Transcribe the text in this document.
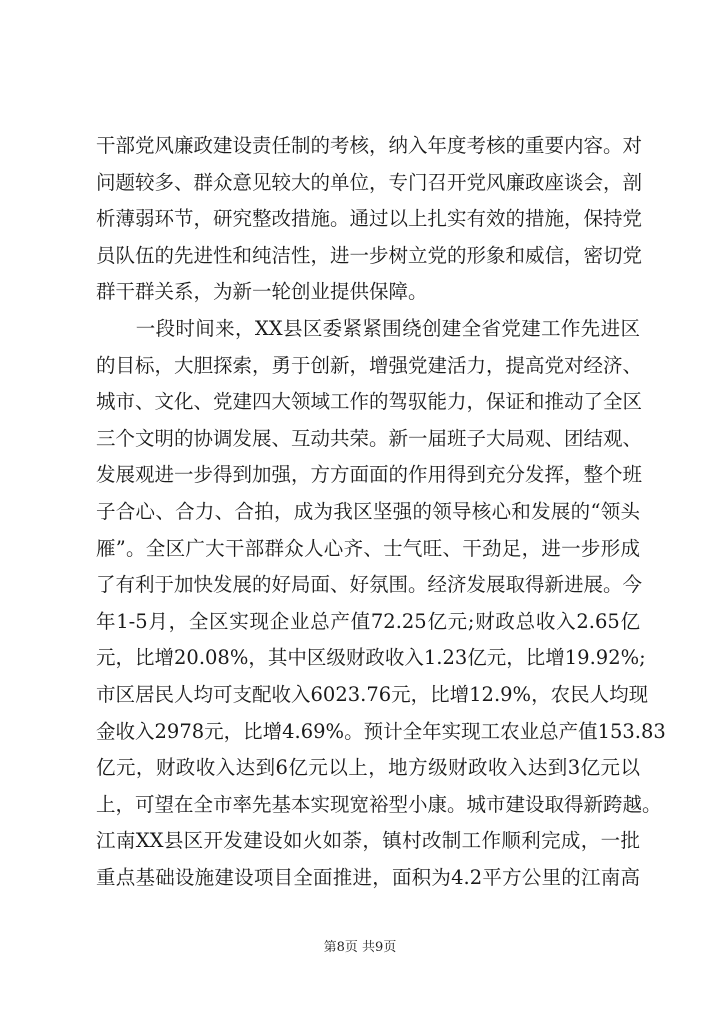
干部党风廉政建设责任制的考核，纳入年度考核的重要内容。对
问题较多、群众意见较大的单位，专门召开党风廉政座谈会，剖
析薄弱环节，研究整改措施。通过以上扎实有效的措施，保持党
员队伍的先进性和纯洁性，进一步树立党的形象和威信，密切党
群干群关系，为新一轮创业提供保障。
　　一段时间来，XX县区委紧紧围绕创建全省党建工作先进区
的目标，大胆探索，勇于创新，增强党建活力，提高党对经济、
城市、文化、党建四大领域工作的驾驭能力，保证和推动了全区
三个文明的协调发展、互动共荣。新一届班子大局观、团结观、
发展观进一步得到加强，方方面面的作用得到充分发挥，整个班
子合心、合力、合拍，成为我区坚强的领导核心和发展的“领头
雁”。全区广大干部群众人心齐、士气旺、干劲足，进一步形成
了有利于加快发展的好局面、好氛围。经济发展取得新进展。今
年1-5月，全区实现企业总产值72.25亿元;财政总收入2.65亿
元，比增20.08%，其中区级财政收入1.23亿元，比增19.92%;
市区居民人均可支配收入6023.76元，比增12.9%，农民人均现
金收入2978元，比增4.69%。预计全年实现工农业总产值153.83
亿元，财政收入达到6亿元以上，地方级财政收入达到3亿元以
上，可望在全市率先基本实现宽裕型小康。城市建设取得新跨越。
江南XX县区开发建设如火如荼，镇村改制工作顺利完成，一批
重点基础设施建设项目全面推进，面积为4.2平方公里的江南高
第8页 共9页
